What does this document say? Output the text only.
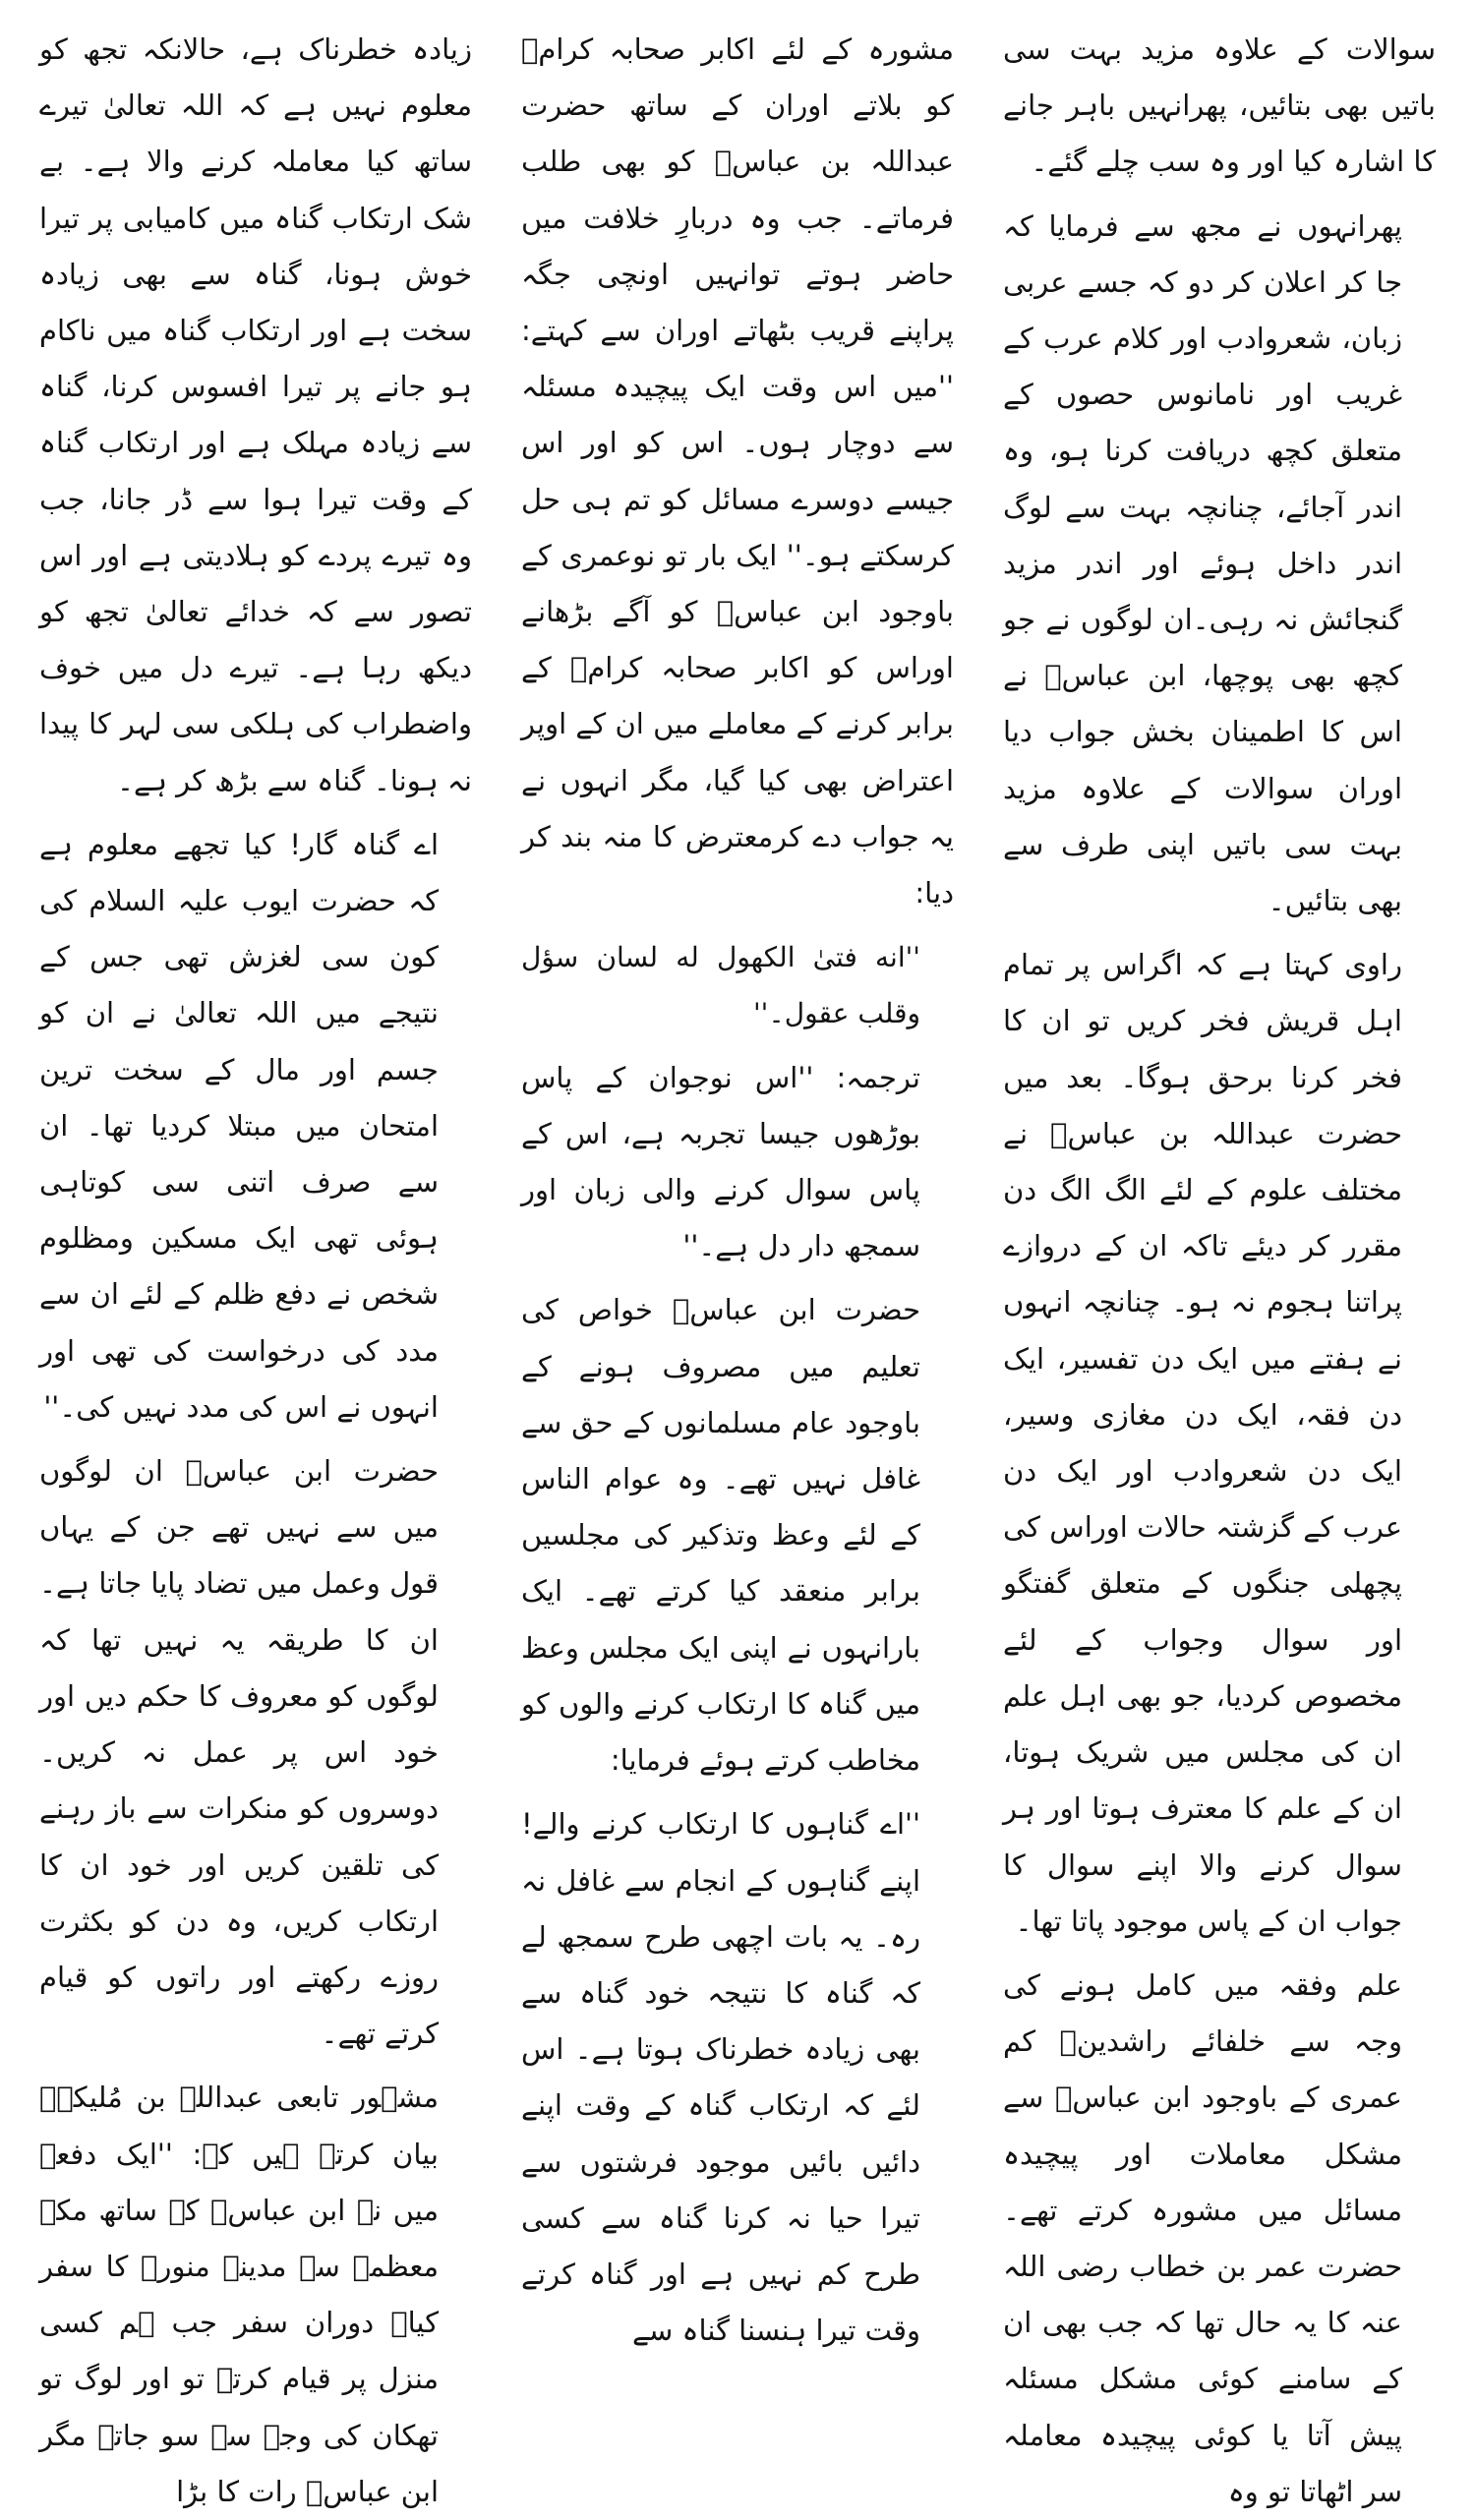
سوالات کے علاوہ مزید بہت سی باتیں بھی بتائیں، پھرانہیں باہر جانے کا اشارہ کیا اور وہ سب چلے گئے۔

پھرانہوں نے مجھ سے فرمایا کہ جا کر اعلان کر دو کہ جسے عربی زبان، شعروادب اور کلام عرب کے غریب اور نامانوس حصوں کے متعلق کچھ دریافت کرنا ہو، وہ اندر آجائے، چنانچہ بہت سے لوگ اندر داخل ہوئے اور اندر مزید گنجائش نہ رہی۔ان لوگوں نے جو کچھ بھی پوچھا، ابن عباسؓ نے اس کا اطمینان بخش جواب دیا اوران سوالات کے علاوہ مزید بہت سی باتیں اپنی طرف سے بھی بتائیں۔

راوی کہتا ہے کہ اگراس پر تمام اہل قریش فخر کریں تو ان کا فخر کرنا برحق ہوگا۔ بعد میں حضرت عبداللہ بن عباسؓ نے مختلف علوم کے لئے الگ الگ دن مقرر کر دیئے تاکہ ان کے دروازے پراتنا ہجوم نہ ہو۔ چنانچہ انہوں نے ہفتے میں ایک دن تفسیر، ایک دن فقہ، ایک دن مغازی وسیر، ایک دن شعروادب اور ایک دن عرب کے گزشتہ حالات اوراس کی پچھلی جنگوں کے متعلق گفتگو اور سوال وجواب کے لئے مخصوص کردیا، جو بھی اہل علم ان کی مجلس میں شریک ہوتا، ان کے علم کا معترف ہوتا اور ہر سوال کرنے والا اپنے سوال کا جواب ان کے پاس موجود پاتا تھا۔

علم وفقہ میں کامل ہونے کی وجہ سے خلفائے راشدینؓ کم عمری کے باوجود ابن عباسؓ سے مشکل معاملات اور پیچیدہ مسائل میں مشورہ کرتے تھے۔ حضرت عمر بن خطاب رضی اللہ عنہ کا یہ حال تھا کہ جب بھی ان کے سامنے کوئی مشکل مسئلہ پیش آتا یا کوئی پیچیدہ معاملہ سر اٹھاتا تو وہ

مشورہ کے لئے اکابر صحابہ کرامؓ کو بلاتے اوران کے ساتھ حضرت عبداللہ بن عباسؓ کو بھی طلب فرماتے۔ جب وہ دربارِ خلافت میں حاضر ہوتے توانہیں اونچی جگہ پراپنے قریب بٹھاتے اوران سے کہتے: ''میں اس وقت ایک پیچیدہ مسئلہ سے دوچار ہوں۔ اس کو اور اس جیسے دوسرے مسائل کو تم ہی حل کرسکتے ہو۔'' ایک بار تو نوعمری کے باوجود ابن عباسؓ کو آگے بڑھانے اوراس کو اکابر صحابہ کرامؓ کے برابر کرنے کے معاملے میں ان کے اوپر اعتراض بھی کیا گیا، مگر انہوں نے یہ جواب دے کرمعترض کا منہ بند کر دیا:

''انه فتیٰ الكهول له لسان سؤل وقلب عقول۔''

ترجمہ: ''اس نوجوان کے پاس بوڑھوں جیسا تجربہ ہے، اس کے پاس سوال کرنے والی زبان اور سمجھ دار دل ہے۔''

حضرت ابن عباسؓ خواص کی تعلیم میں مصروف ہونے کے باوجود عام مسلمانوں کے حق سے غافل نہیں تھے۔ وہ عوام الناس کے لئے وعظ وتذکیر کی مجلسیں برابر منعقد کیا کرتے تھے۔ ایک بارانہوں نے اپنی ایک مجلس وعظ میں گناہ کا ارتکاب کرنے والوں کو مخاطب کرتے ہوئے فرمایا:

''اے گناہوں کا ارتکاب کرنے والے! اپنے گناہوں کے انجام سے غافل نہ رہ۔ یہ بات اچھی طرح سمجھ لے کہ گناہ کا نتیجہ خود گناہ سے بھی زیادہ خطرناک ہوتا ہے۔ اس لئے کہ ارتکاب گناہ کے وقت اپنے دائیں بائیں موجود فرشتوں سے تیرا حیا نہ کرنا گناہ سے کسی طرح کم نہیں ہے اور گناہ کرتے وقت تیرا ہنسنا گناہ سے

زیادہ خطرناک ہے، حالانکہ تجھ کو معلوم نہیں ہے کہ اللہ تعالیٰ تیرے ساتھ کیا معاملہ کرنے والا ہے۔ بے شک ارتکاب گناہ میں کامیابی پر تیرا خوش ہونا، گناہ سے بھی زیادہ سخت ہے اور ارتکاب گناہ میں ناکام ہو جانے پر تیرا افسوس کرنا، گناہ سے زیادہ مہلک ہے اور ارتکاب گناہ کے وقت تیرا ہوا سے ڈر جانا، جب وہ تیرے پردے کو ہلادیتی ہے اور اس تصور سے کہ خدائے تعالیٰ تجھ کو دیکھ رہا ہے۔ تیرے دل میں خوف واضطراب کی ہلکی سی لہر کا پیدا نہ ہونا۔ گناہ سے بڑھ کر ہے۔

اے گناہ گار! کیا تجھے معلوم ہے کہ حضرت ایوب علیہ السلام کی کون سی لغزش تھی جس کے نتیجے میں اللہ تعالیٰ نے ان کو جسم اور مال کے سخت ترین امتحان میں مبتلا کردیا تھا۔ ان سے صرف اتنی سی کوتاہی ہوئی تھی ایک مسکین ومظلوم شخص نے دفع ظلم کے لئے ان سے مدد کی درخواست کی تھی اور انہوں نے اس کی مدد نہیں کی۔''

حضرت ابن عباسؓ ان لوگوں میں سے نہیں تھے جن کے یہاں قول وعمل میں تضاد پایا جاتا ہے۔ ان کا طریقہ یہ نہیں تھا کہ لوگوں کو معروف کا حکم دیں اور خود اس پر عمل نہ کریں۔ دوسروں کو منکرات سے باز رہنے کی تلقین کریں اور خود ان کا ارتکاب کریں، وہ دن کو بکثرت روزے رکھتے اور راتوں کو قیام کرتے تھے۔

مشہور تابعی عبداللہ بن مُلیکہؒ بیان کرتے ہیں کہ: ''ایک دفعہ میں نے ابن عباسؓ کے ساتھ مکہ معظمہ سے مدینہ منورہ کا سفر کیا۔ دوران سفر جب ہم کسی منزل پر قیام کرتے تو اور لوگ تو تھکان کی وجہ سے سو جاتے مگر ابن عباسؓ رات کا بڑا
